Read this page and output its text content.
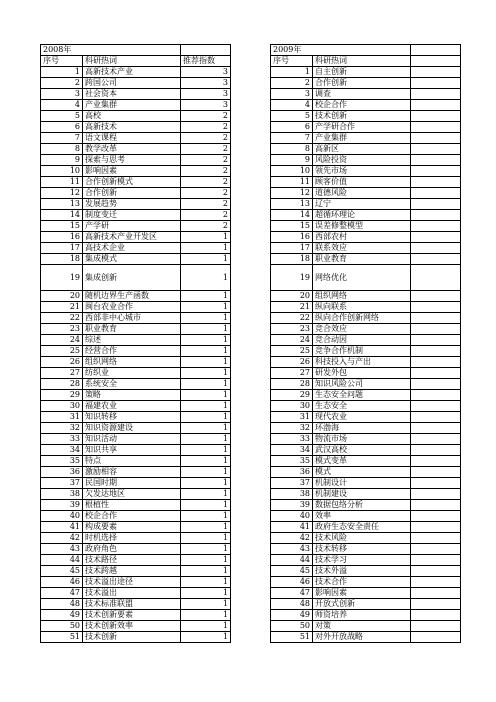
2008年				2009年		
序号	科研热词	推荐指数		序号	科研热词	
1	高新技术产业	3		1	自主创新	
2	跨国公司	3		2	合作创新	
3	社会资本	3		3	调查	
4	产业集群	3		4	校企合作	
5	高校	2		5	技术创新	
6	高新技术	2		6	产学研合作	
7	语文课程	2		7	产业集群	
8	教学改革	2		8	高新区	
9	探索与思考	2		9	风险投资	
10	影响因素	2		10	领先市场	
11	合作创新模式	2		11	顾客价值	
12	合作创新	2		12	道德风险	
13	发展趋势	2		13	辽宁	
14	制度变迁	2		14	超循环理论	
15	产学研	2		15	误差修整模型	
16	高新技术产业开发区	1		16	西部农村	
17	高技术企业	1		17	联系效应	
18	集成模式	1		18	职业教育	
19	集成创新	1		19	网络优化	
20	随机边界生产函数	1		20	组织网络	
21	闽台农业合作	1		21	纵向联系	
22	西部非中心城市	1		22	纵向合作创新网络	
23	职业教育	1		23	竞合效应	
24	综述	1		24	竞合动因	
25	经营合作	1		25	竞争合作机制	
26	组织网络	1		26	科技投入与产出	
27	纺织业	1		27	研发外包	
28	系统安全	1		28	知识风险公司	
29	策略	1		29	生态安全问题	
30	福建农业	1		30	生态安全	
31	知识转移	1		31	现代农业	
32	知识资源建设	1		32	环渤海	
33	知识活动	1		33	物流市场	
34	知识共享	1		34	武汉高校	
35	特点	1		35	模式变革	
36	激励相容	1		36	模式	
37	民国时期	1		37	机制设计	
38	欠发达地区	1		38	机制建设	
39	根植性	1		39	数据包络分析	
40	校企合作	1		40	效率	
41	构成要素	1		41	政府生态安全责任	
42	时机选择	1		42	技术风险	
43	政府角色	1		43	技术转移	
44	技术路径	1		44	技术学习	
45	技术跨越	1		45	技术外溢	
46	技术溢出途径	1		46	技术合作	
47	技术溢出	1		47	影响因素	
48	技术标准联盟	1		48	开放式创新	
49	技术创新要素	1		49	师资培养	
50	技术创新效率	1		50	对策	
51	技术创新	1		51	对外开放战略	
